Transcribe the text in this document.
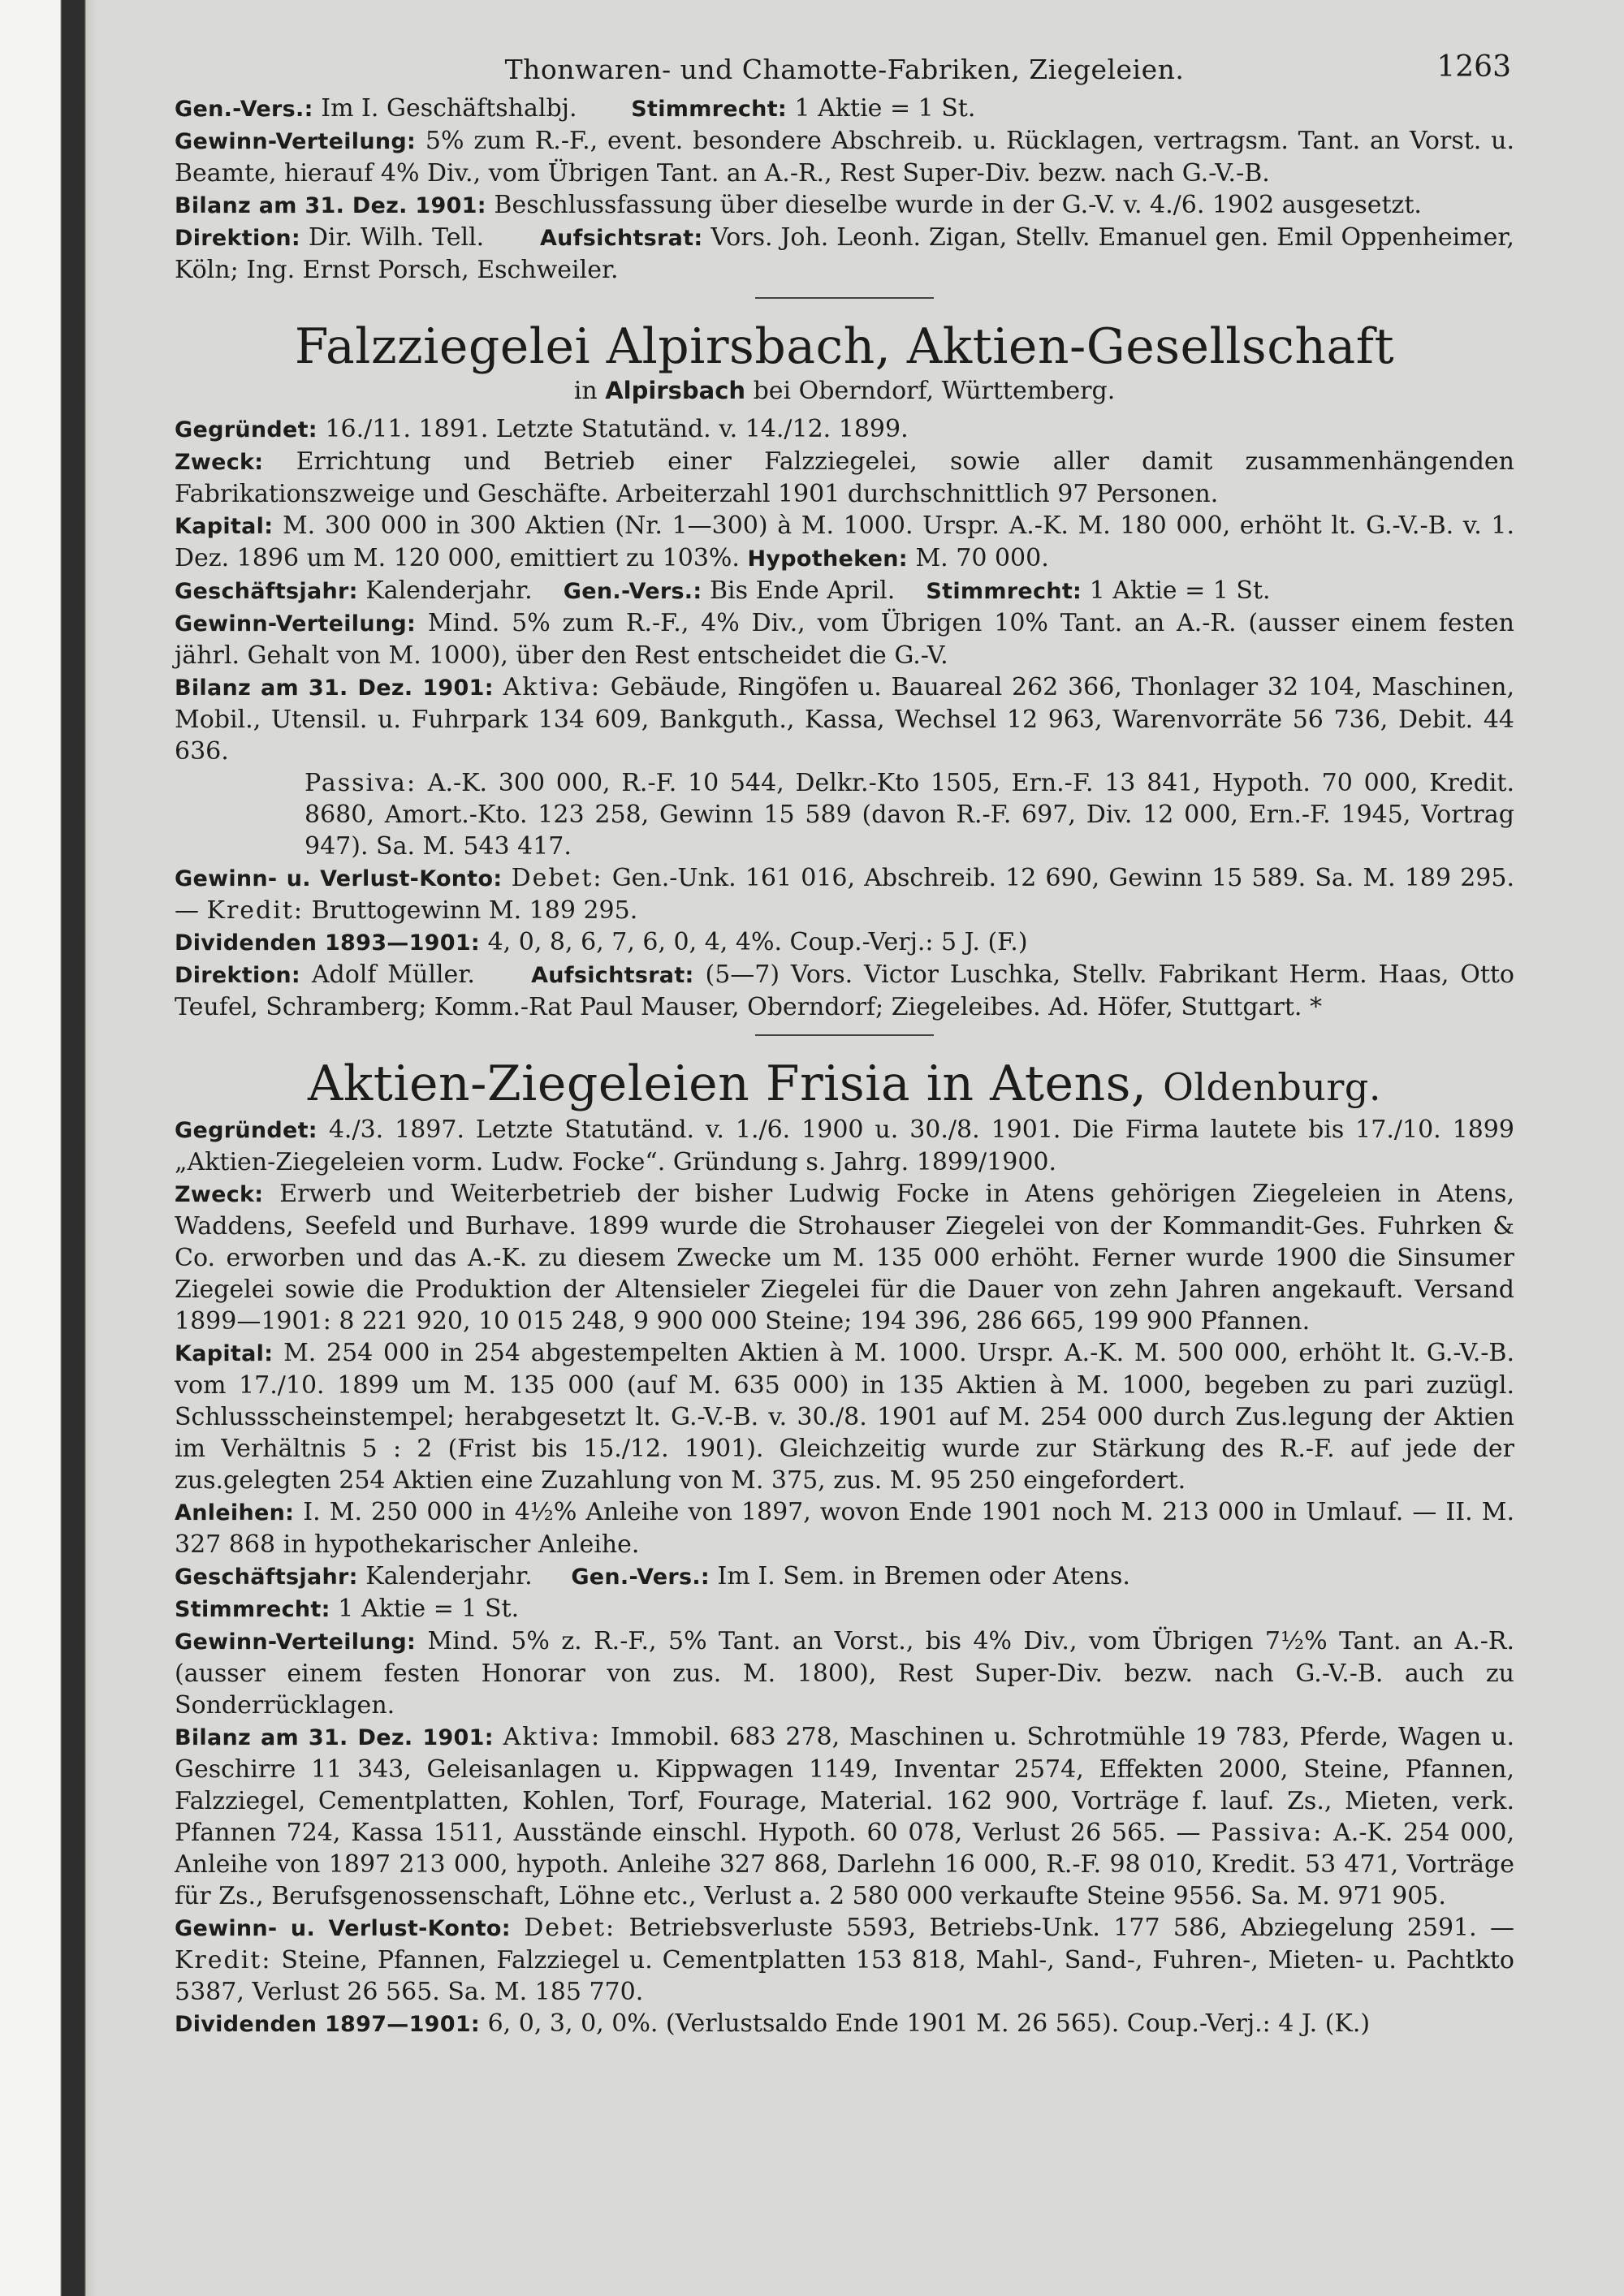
Thonwaren- und Chamotte-Fabriken, Ziegeleien.	1263

Gen.-Vers.: Im I. Geschäftshalbj. Stimmrecht: 1 Aktie = 1 St.

Gewinn-Verteilung: 5% zum R.-F., event. besondere Abschreib. u. Rücklagen, vertragsm. Tant. an Vorst. u. Beamte, hierauf 4% Div., vom Übrigen Tant. an A.-R., Rest Super-Div. bezw. nach G.-V.-B.

Bilanz am 31. Dez. 1901: Beschlussfassung über dieselbe wurde in der G.-V. v. 4./6. 1902 ausgesetzt.

Direktion: Dir. Wilh. Tell.	Aufsichtsrat: Vors. Joh. Leonh. Zigan, Stellv. Emanuel gen. Emil Oppenheimer, Köln; Ing. Ernst Porsch, Eschweiler.

Falzziegelei Alpirsbach, Aktien-Gesellschaft
in Alpirsbach bei Oberndorf, Württemberg.

Gegründet: 16./11. 1891. Letzte Statutänd. v. 14./12. 1899.

Zweck: Errichtung und Betrieb einer Falzziegelei, sowie aller damit zusammenhängenden Fabrikationszweige und Geschäfte. Arbeiterzahl 1901 durchschnittlich 97 Personen.

Kapital: M. 300 000 in 300 Aktien (Nr. 1—300) à M. 1000. Urspr. A.-K. M. 180 000, erhöht lt. G.-V.-B. v. 1. Dez. 1896 um M. 120 000, emittiert zu 103%. Hypotheken: M. 70 000.

Geschäftsjahr: Kalenderjahr. Gen.-Vers.: Bis Ende April. Stimmrecht: 1 Aktie = 1 St.

Gewinn-Verteilung: Mind. 5% zum R.-F., 4% Div., vom Übrigen 10% Tant. an A.-R. (ausser einem festen jährl. Gehalt von M. 1000), über den Rest entscheidet die G.-V.

Bilanz am 31. Dez. 1901: Aktiva: Gebäude, Ringöfen u. Bauareal 262 366, Thonlager 32 104, Maschinen, Mobil., Utensil. u. Fuhrpark 134 609, Bankguth., Kassa, Wechsel 12 963, Warenvorräte 56 736, Debit. 44 636.

Passiva: A.-K. 300 000, R.-F. 10 544, Delkr.-Kto 1505, Ern.-F. 13 841, Hypoth. 70 000, Kredit. 8680, Amort.-Kto. 123 258, Gewinn 15 589 (davon R.-F. 697, Div. 12 000, Ern.-F. 1945, Vortrag 947). Sa. M. 543 417.

Gewinn- u. Verlust-Konto: Debet: Gen.-Unk. 161 016, Abschreib. 12 690, Gewinn 15 589. Sa. M. 189 295. — Kredit: Bruttogewinn M. 189 295.

Dividenden 1893—1901: 4, 0, 8, 6, 7, 6, 0, 4, 4%. Coup.-Verj.: 5 J. (F.)

Direktion: Adolf Müller.	Aufsichtsrat: (5—7) Vors. Victor Luschka, Stellv. Fabrikant Herm. Haas, Otto Teufel, Schramberg; Komm.-Rat Paul Mauser, Oberndorf; Ziegeleibes. Ad. Höfer, Stuttgart. *

Aktien-Ziegeleien Frisia in Atens, Oldenburg.

Gegründet: 4./3. 1897. Letzte Statutänd. v. 1./6. 1900 u. 30./8. 1901. Die Firma lautete bis 17./10. 1899 „Aktien-Ziegeleien vorm. Ludw. Focke“. Gründung s. Jahrg. 1899/1900.

Zweck: Erwerb und Weiterbetrieb der bisher Ludwig Focke in Atens gehörigen Ziegeleien in Atens, Waddens, Seefeld und Burhave. 1899 wurde die Strohauser Ziegelei von der Kommandit-Ges. Fuhrken & Co. erworben und das A.-K. zu diesem Zwecke um M. 135 000 erhöht. Ferner wurde 1900 die Sinsumer Ziegelei sowie die Produktion der Altensieler Ziegelei für die Dauer von zehn Jahren angekauft. Versand 1899—1901: 8 221 920, 10 015 248, 9 900 000 Steine; 194 396, 286 665, 199 900 Pfannen.

Kapital: M. 254 000 in 254 abgestempelten Aktien à M. 1000. Urspr. A.-K. M. 500 000, erhöht lt. G.-V.-B. vom 17./10. 1899 um M. 135 000 (auf M. 635 000) in 135 Aktien à M. 1000, begeben zu pari zuzügl. Schlussscheinstempel; herabgesetzt lt. G.-V.-B. v. 30./8. 1901 auf M. 254 000 durch Zus.legung der Aktien im Verhältnis 5 : 2 (Frist bis 15./12. 1901). Gleichzeitig wurde zur Stärkung des R.-F. auf jede der zus.gelegten 254 Aktien eine Zuzahlung von M. 375, zus. M. 95 250 eingefordert.

Anleihen: I. M. 250 000 in 4½% Anleihe von 1897, wovon Ende 1901 noch M. 213 000 in Umlauf. — II. M. 327 868 in hypothekarischer Anleihe.

Geschäftsjahr: Kalenderjahr. Gen.-Vers.: Im I. Sem. in Bremen oder Atens.

Stimmrecht: 1 Aktie = 1 St.

Gewinn-Verteilung: Mind. 5% z. R.-F., 5% Tant. an Vorst., bis 4% Div., vom Übrigen 7½% Tant. an A.-R. (ausser einem festen Honorar von zus. M. 1800), Rest Super-Div. bezw. nach G.-V.-B. auch zu Sonderrücklagen.

Bilanz am 31. Dez. 1901: Aktiva: Immobil. 683 278, Maschinen u. Schrotmühle 19 783, Pferde, Wagen u. Geschirre 11 343, Geleisanlagen u. Kippwagen 1149, Inventar 2574, Effekten 2000, Steine, Pfannen, Falzziegel, Cementplatten, Kohlen, Torf, Fourage, Material. 162 900, Vorträge f. lauf. Zs., Mieten, verk. Pfannen 724, Kassa 1511, Ausstände einschl. Hypoth. 60 078, Verlust 26 565. — Passiva: A.-K. 254 000, Anleihe von 1897 213 000, hypoth. Anleihe 327 868, Darlehn 16 000, R.-F. 98 010, Kredit. 53 471, Vorträge für Zs., Berufsgenossenschaft, Löhne etc., Verlust a. 2 580 000 verkaufte Steine 9556. Sa. M. 971 905.

Gewinn- u. Verlust-Konto: Debet: Betriebsverluste 5593, Betriebs-Unk. 177 586, Abziegelung 2591. — Kredit: Steine, Pfannen, Falzziegel u. Cementplatten 153 818, Mahl-, Sand-, Fuhren-, Mieten- u. Pachtkto 5387, Verlust 26 565. Sa. M. 185 770.

Dividenden 1897—1901: 6, 0, 3, 0, 0%. (Verlustsaldo Ende 1901 M. 26 565). Coup.-Verj.: 4 J. (K.)
